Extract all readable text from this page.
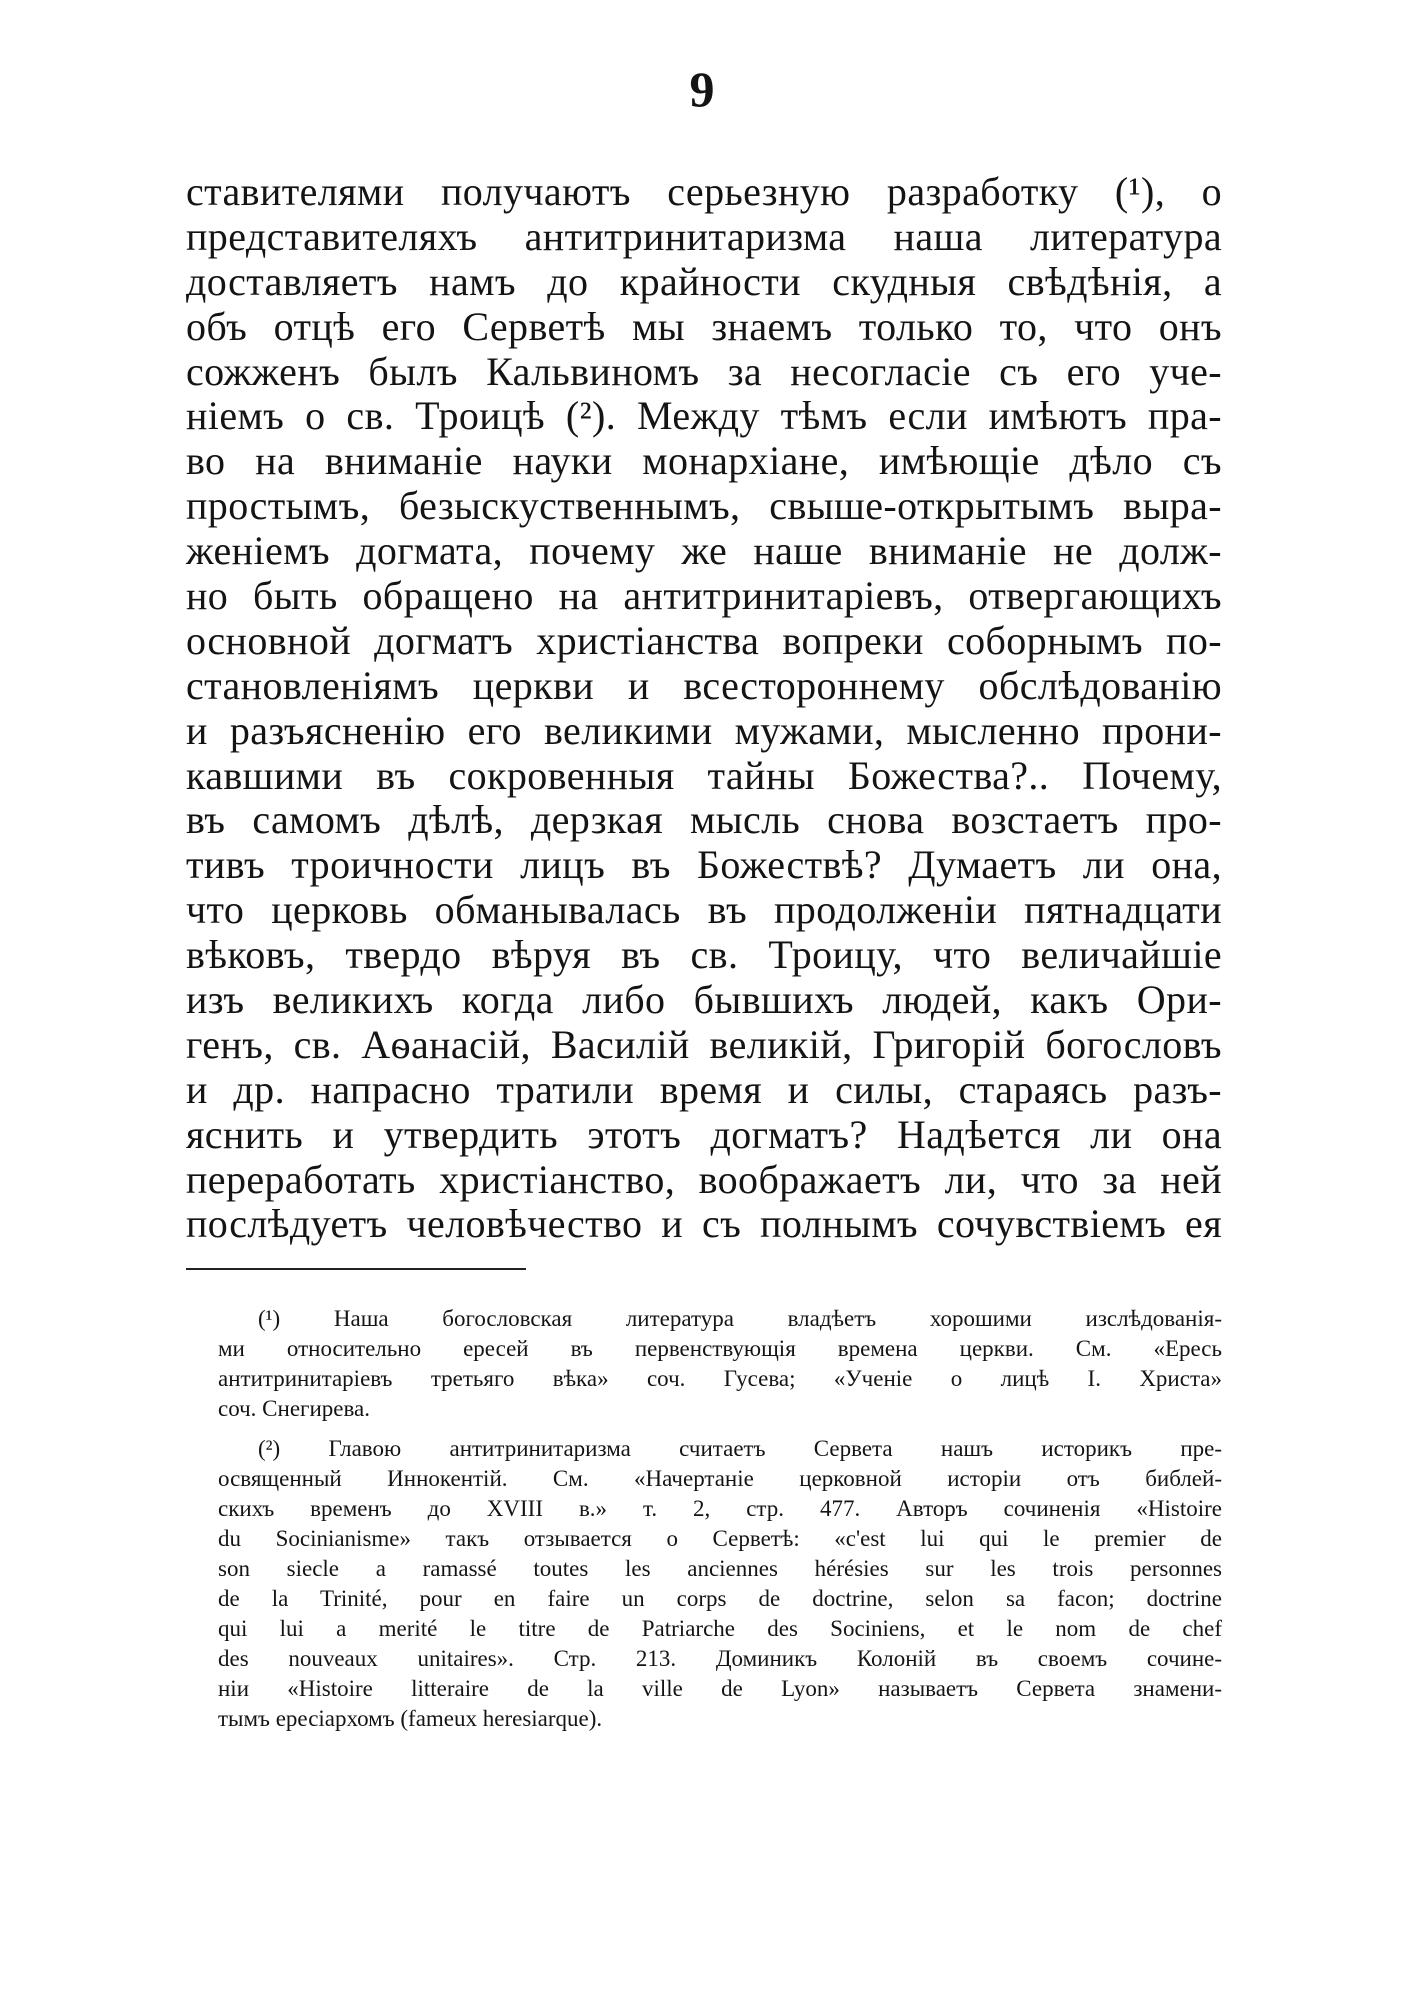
9

ставителями получаютъ серьезную разработку (¹), о
представителяхъ антитринитаризма наша литература
доставляетъ намъ до крайности скудныя свѣдѣнія, а
объ отцѣ его Серветѣ мы знаемъ только то, что онъ
сожженъ былъ Кальвиномъ за несогласіе съ его уче-
ніемъ о св. Троицѣ (²). Между тѣмъ если имѣютъ пра-
во на вниманіе науки монархіане, имѣющіе дѣло съ
простымъ, безыскуственнымъ, свыше-открытымъ выра-
женіемъ догмата, почему же наше вниманіе не долж-
но быть обращено на антитринитаріевъ, отвергающихъ
основной догматъ христіанства вопреки соборнымъ по-
становленіямъ церкви и всестороннему обслѣдованію
и разъясненію его великими мужами, мысленно прони-
кавшими въ сокровенныя тайны Божества?.. Почему,
въ самомъ дѣлѣ, дерзкая мысль снова возстаетъ про-
тивъ троичности лицъ въ Божествѣ? Думаетъ ли она,
что церковь обманывалась въ продолженіи пятнадцати
вѣковъ, твердо вѣруя въ св. Троицу, что величайшіе
изъ великихъ когда либо бывшихъ людей, какъ Ори-
генъ, св. Аѳанасій, Василій великій, Григорій богословъ
и др. напрасно тратили время и силы, стараясь разъ-
яснить и утвердить этотъ догматъ? Надѣется ли она
переработать христіанство, воображаетъ ли, что за ней
послѣдуетъ человѣчество и съ полнымъ сочувствіемъ ея
(¹) Наша богословская литература владѣетъ хорошими изслѣдованія-
ми относительно ересей въ первенствующія времена церкви. См. «Ересь
антитринитаріевъ третьяго вѣка» соч. Гусева; «Ученіе о лицѣ І. Христа»
соч. Снегирева.
(²) Главою антитринитаризма считаетъ Сервета нашъ историкъ пре-
освященный Иннокентій. См. «Начертаніе церковной исторіи отъ библей-
скихъ временъ до XVIII в.» т. 2, стр. 477. Авторъ сочиненія «Histoire
du Socinianisme» такъ отзывается о Серветѣ: «c'est lui qui le premier de
son siecle a ramassé toutes les anciennes hérésies sur les trois personnes
de la Trinité, pour en faire un corps de doctrine, selon sa facon; doctrine
qui lui a merité le titre de Patriarche des Sociniens, et le nom de chef
des nouveaux unitaires». Стр. 213. Доминикъ Колоній въ своемъ сочине-
ніи «Histoire litteraire de la ville de Lyon» называетъ Сервета знамени-
тымъ ересіархомъ (fameux heresiarque).
